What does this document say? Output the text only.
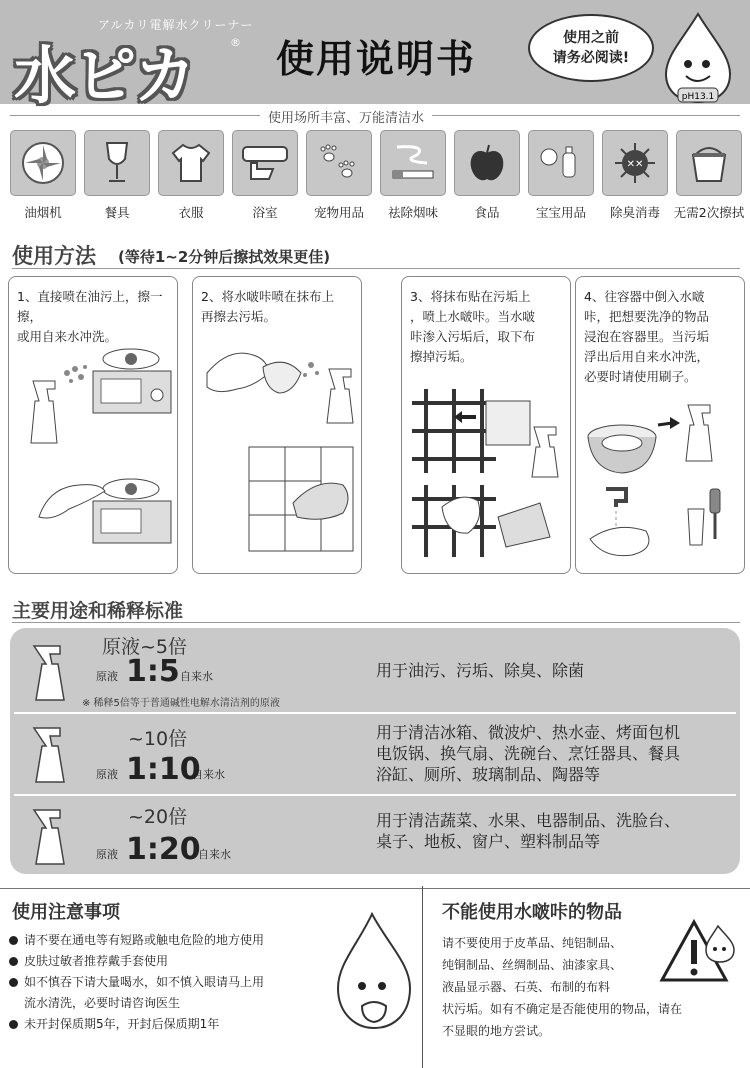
アルカリ電解水クリーナー
水ピカ	® 使用说明书	使用之前
请务必阅读!
pH13.1
使用场所丰富、万能清洁水
油烟机	餐具	衣服	浴室	宠物用品	祛除烟味	食品	宝宝用品
✕✕
除臭消毒	无需2次擦拭
使用方法 (等待1~2分钟后擦拭效果更佳)
1、直接喷在油污上，擦一擦，
或用自来水冲洗。
2、将水啵咔喷在抹布上
再擦去污垢。
3、将抹布贴在污垢上
，喷上水啵咔。当水啵
咔渗入污垢后，取下布
擦掉污垢。
4、往容器中倒入水啵
咔，把想要洗净的物品
浸泡在容器里。当污垢
浮出后用自来水冲洗，
必要时请使用刷子。
主要用途和稀释标准
原液~5倍
原液 1:5 自来水
※ 稀释5倍等于普通碱性电解水清洁剂的原液
用于油污、污垢、除臭、除菌
~10倍
原液 1:10
自来水
用于清洁冰箱、微波炉、热水壶、烤面包机
电饭锅、换气扇、洗碗台、烹饪器具、餐具
浴缸、厕所、玻璃制品、陶器等
~20倍
原液 1:20
自来水
用于清洁蔬菜、水果、电器制品、洗脸台、
桌子、地板、窗户、塑料制品等
使用注意事项
请不要在通电等有短路或触电危险的地方使用
皮肤过敏者推荐戴手套使用
如不慎吞下请大量喝水，如不慎入眼请马上用
流水清洗，必要时请咨询医生
未开封保质期5年，开封后保质期1年
不能使用水啵咔的物品
请不要使用于皮革品、纯铝制品、
纯铜制品、丝绸制品、油漆家具、
液晶显示器、石英、布制的布料
状污垢。如有不确定是否能使用的物品，请在
不显眼的地方尝试。
